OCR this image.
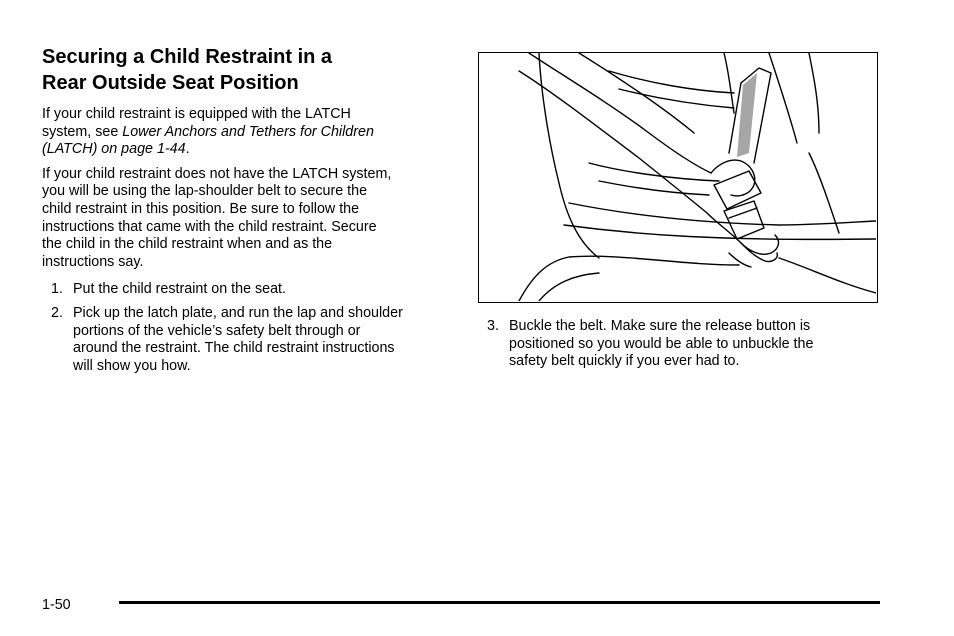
Securing a Child Restraint in a
Rear Outside Seat Position

If your child restraint is equipped with the LATCH
system, see Lower Anchors and Tethers for Children
(LATCH) on page 1-44.

If your child restraint does not have the LATCH system,
you will be using the lap-shoulder belt to secure the
child restraint in this position. Be sure to follow the
instructions that came with the child restraint. Secure
the child in the child restraint when and as the
instructions say.

1. Put the child restraint on the seat.
2. Pick up the latch plate, and run the lap and shoulder
portions of the vehicle’s safety belt through or
around the restraint. The child restraint instructions
will show you how.
3. Buckle the belt. Make sure the release button is
positioned so you would be able to unbuckle the
safety belt quickly if you ever had to.
1-50
